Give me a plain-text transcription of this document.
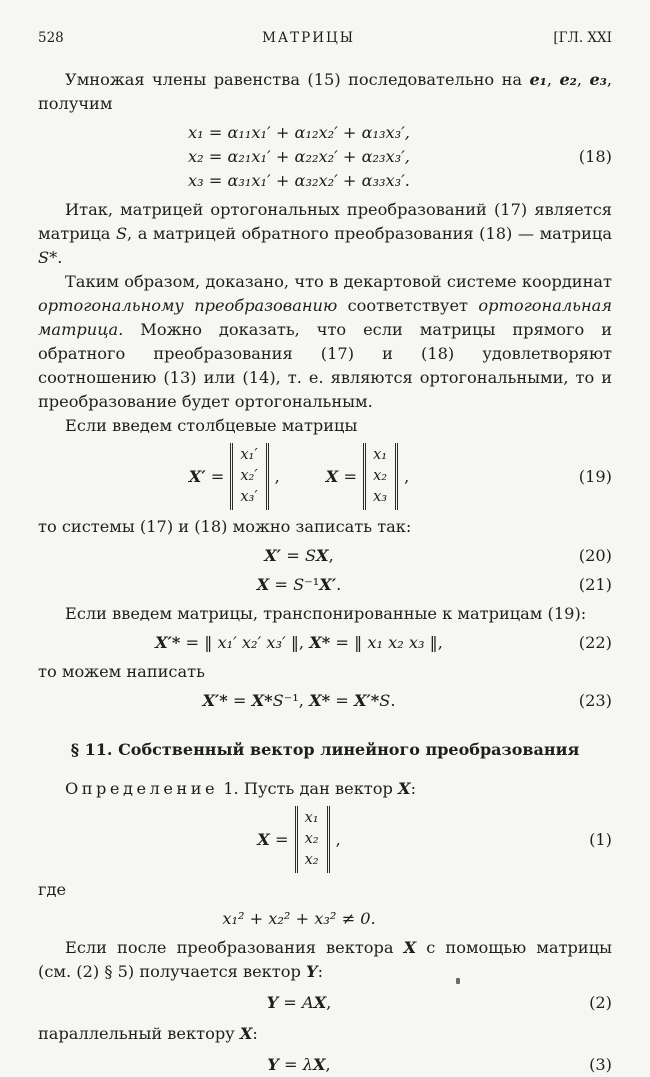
528	МАТРИЦЫ	[ГЛ. XXI

Умножая члены равенства (15) последовательно на e₁, e₂, e₃, получим

x₁ = α₁₁x₁′ + α₁₂x₂′ + α₁₃x₃′,
x₂ = α₂₁x₁′ + α₂₂x₂′ + α₂₃x₃′,
x₃ = α₃₁x₁′ + α₃₂x₂′ + α₃₃x₃′.
(18)

Итак, матрицей ортогональных преобразований (17) является матрица S, а матрицей обратного преобразования (18) — матрица S*.

Таким образом, доказано, что в декартовой системе координат ортогональному преобразованию соответствует ортогональная матрица. Можно доказать, что если матрицы прямого и обратного преобразования (17) и (18) удовлетворяют соотношению (13) или (14), т. е. являются ортогональными, то и преобразование будет ортогональным.

Если введем столбцевые матрицы

X′ =
x₁′
x₂′
x₃′
,	X =
x₁
x₂
x₃
,	(19)

то системы (17) и (18) можно записать так:

X′ = SX,	(20)
X = S⁻¹X′.	(21)

Если введем матрицы, транспонированные к матрицам (19):

X′* = ‖ x₁′ x₂′ x₃′ ‖, X* = ‖ x₁ x₂ x₃ ‖,	(22)

то можем написать

X′* = X*S⁻¹, X* = X′*S.	(23)
§ 11. Собственный вектор линейного преобразования

Определение 1. Пусть дан вектор X:

X =
x₁
x₂
x₂
,	(1)

где

x₁² + x₂² + x₃² ≠ 0.

Если после преобразования вектора X с помощью матрицы (см. (2) § 5) получается вектор Y:

Y = AX,	(2)

параллельный вектору X:

Y = λX,	(3)
